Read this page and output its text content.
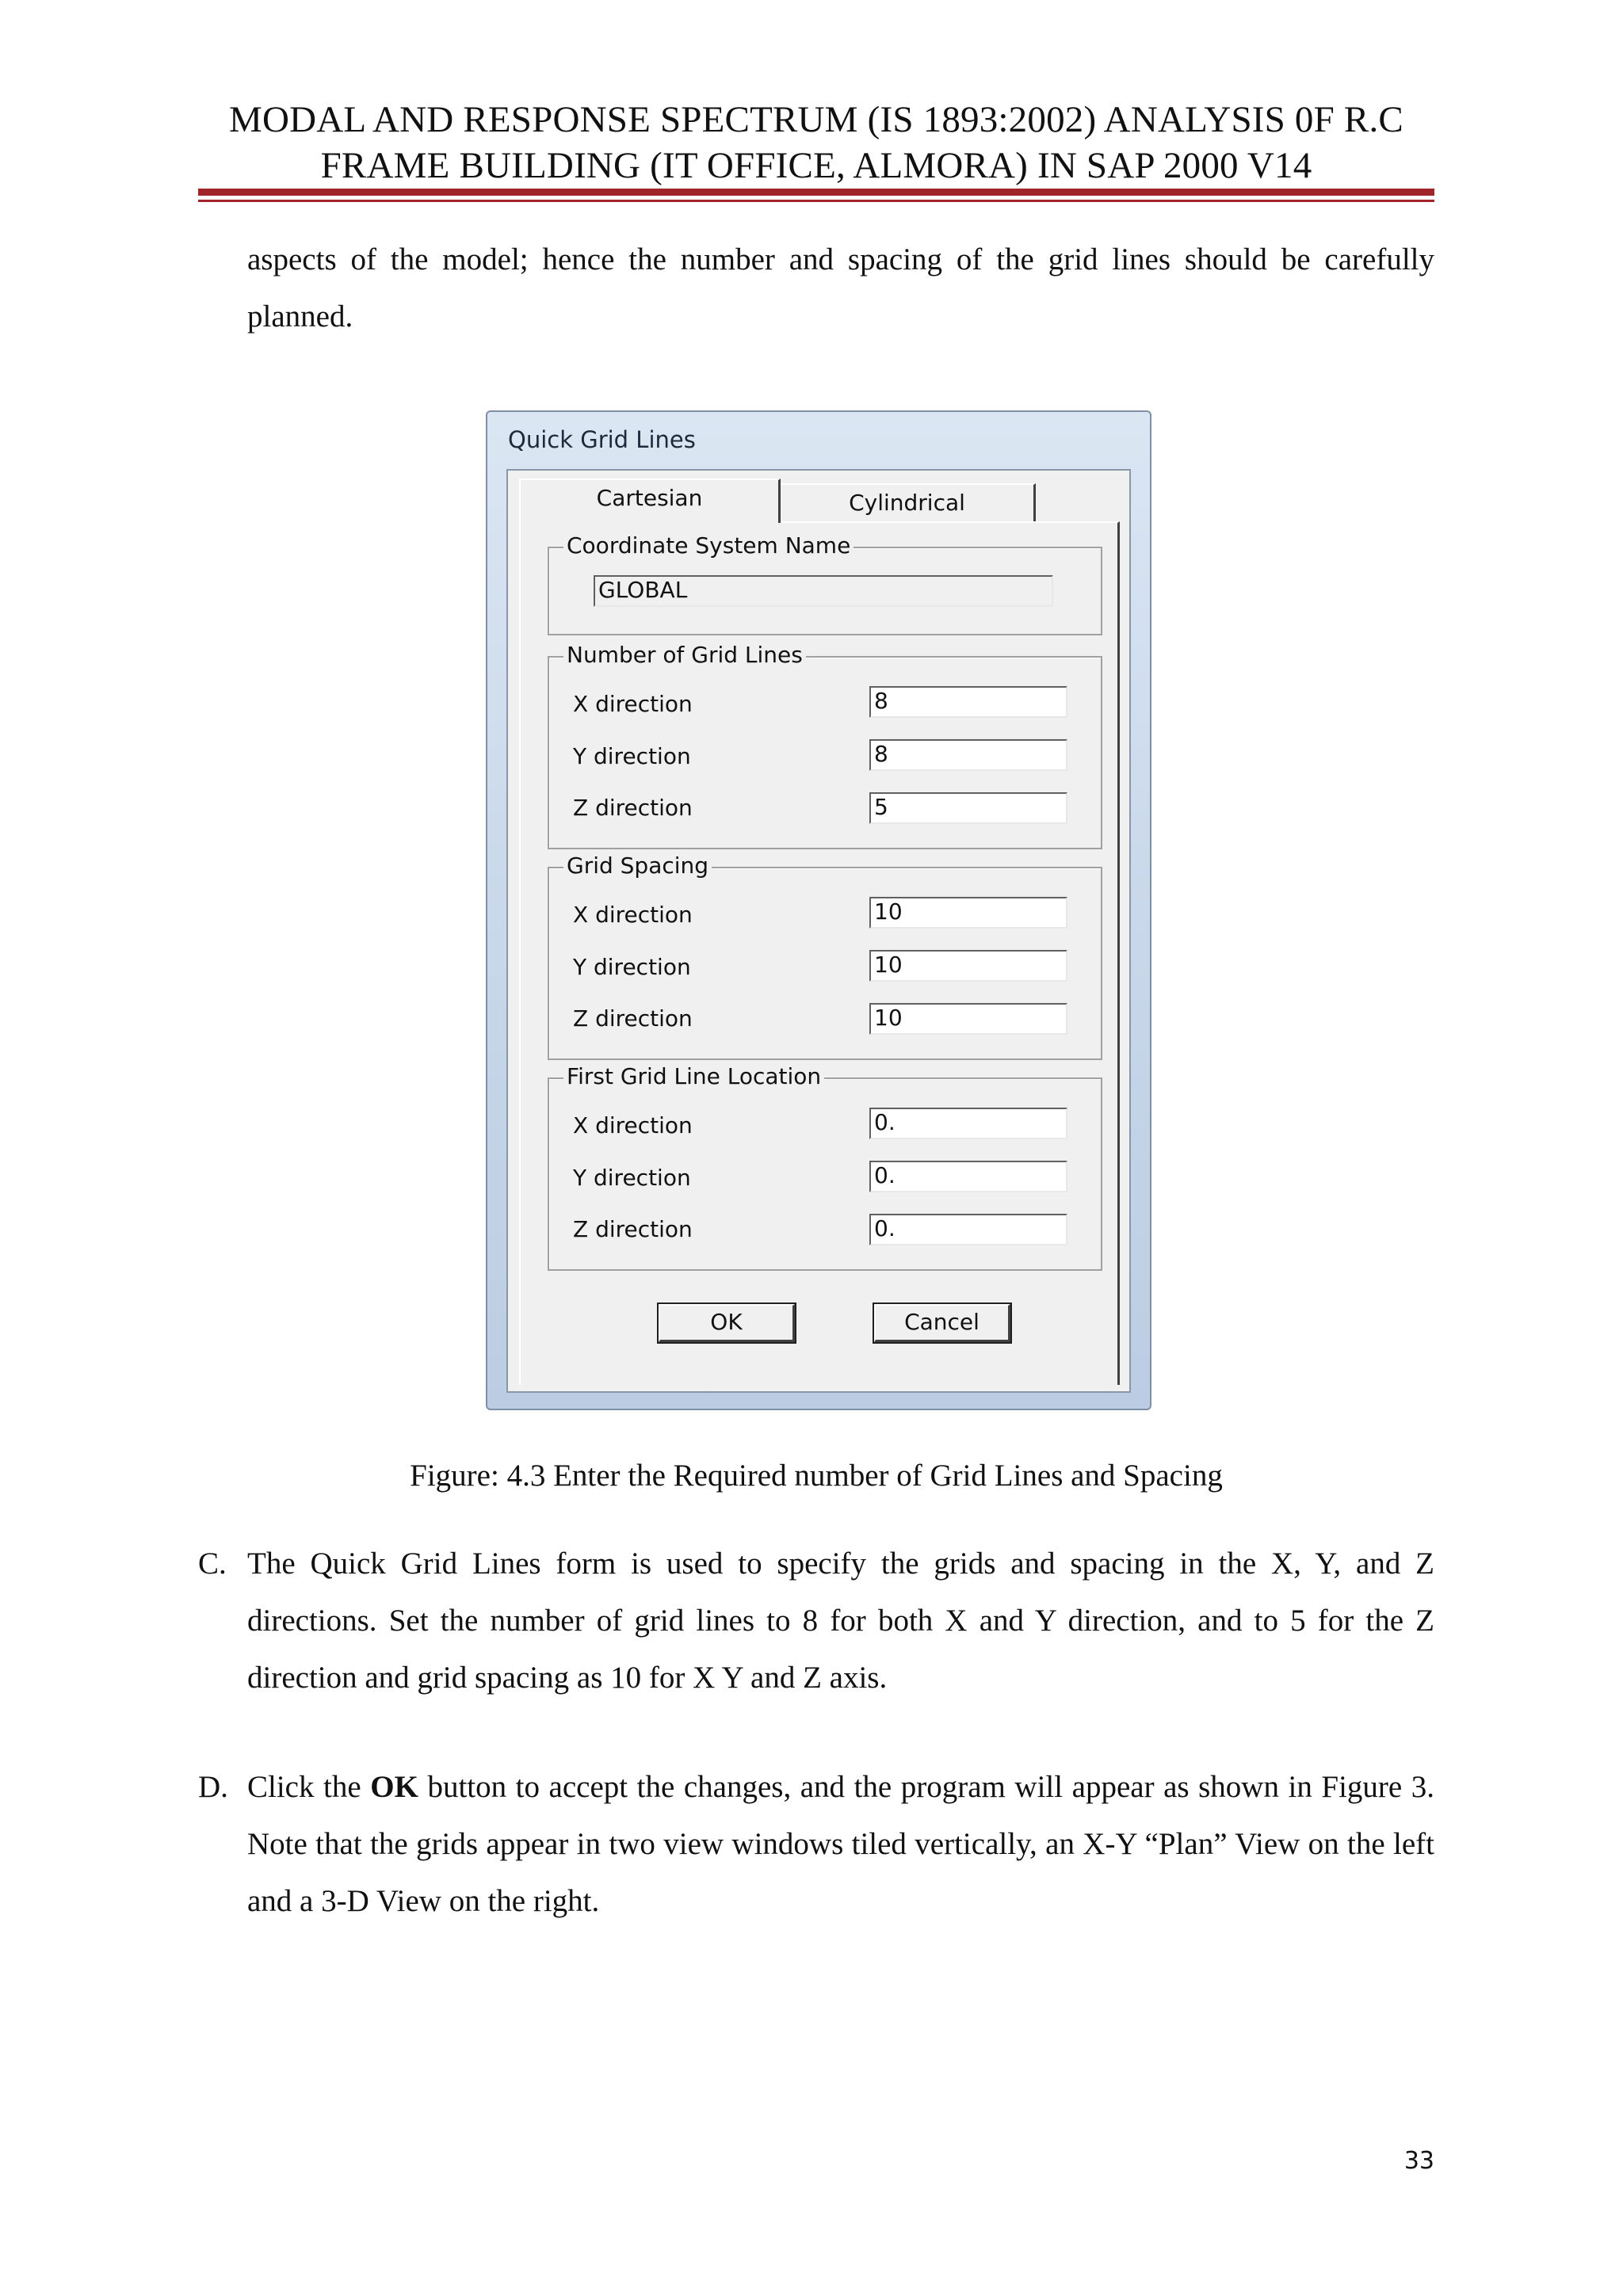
MODAL AND RESPONSE SPECTRUM (IS 1893:2002) ANALYSIS 0F R.C FRAME BUILDING (IT OFFICE, ALMORA) IN SAP 2000 V14
aspects of the model; hence the number and spacing of the grid lines should be carefully planned.
Quick Grid Lines
Cartesian	Cylindrical
Coordinate System Name
GLOBAL
Number of Grid Lines
X direction	8
Y direction	8
Z direction	5
Grid Spacing
X direction	10
Y direction	10
Z direction	10
First Grid Line Location
X direction	0.
Y direction	0.
Z direction	0.
OK	Cancel
Figure: 4.3 Enter the Required number of Grid Lines and Spacing
C. The Quick Grid Lines form is used to specify the grids and spacing in the X, Y, and Z directions. Set the number of grid lines to 8 for both X and Y direction, and to 5 for the Z direction and grid spacing as 10 for X Y and Z axis.
D. Click the OK button to accept the changes, and the program will appear as shown in Figure 3. Note that the grids appear in two view windows tiled vertically, an X-Y “Plan” View on the left and a 3-D View on the right.
33
